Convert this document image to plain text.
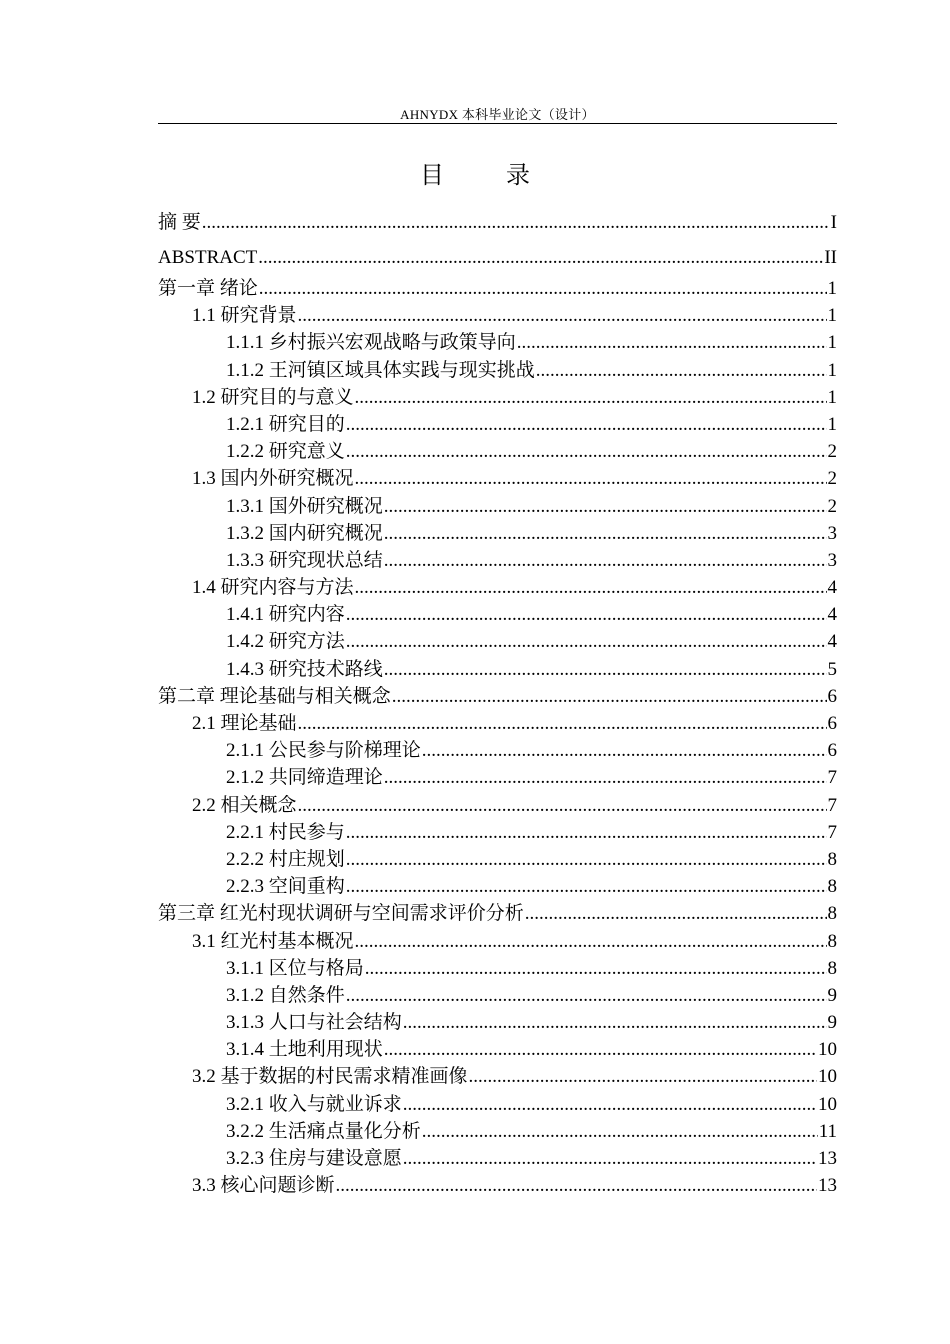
AHNYDX 本科毕业论文（设计）
目 录
摘 要 .....	I
ABSTRACT .....	II
第一章 绪论 .....	1
1.1 研究背景 .....	1
1.1.1 乡村振兴宏观战略与政策导向 .....	1
1.1.2 王河镇区域具体实践与现实挑战 .....	1
1.2 研究目的与意义 .....	1
1.2.1 研究目的 .....	1
1.2.2 研究意义 .....	2
1.3 国内外研究概况 .....	2
1.3.1 国外研究概况 .....	2
1.3.2 国内研究概况 .....	3
1.3.3 研究现状总结 .....	3
1.4 研究内容与方法 .....	4
1.4.1 研究内容 .....	4
1.4.2 研究方法 .....	4
1.4.3 研究技术路线 .....	5
第二章 理论基础与相关概念 .....	6
2.1 理论基础 .....	6
2.1.1 公民参与阶梯理论 .....	6
2.1.2 共同缔造理论 .....	7
2.2 相关概念 .....	7
2.2.1 村民参与 .....	7
2.2.2 村庄规划 .....	8
2.2.3 空间重构 .....	8
第三章 红光村现状调研与空间需求评价分析 .....	8
3.1 红光村基本概况 .....	8
3.1.1 区位与格局 .....	8
3.1.2 自然条件 .....	9
3.1.3 人口与社会结构 .....	9
3.1.4 土地利用现状 .....	10
3.2 基于数据的村民需求精准画像 .....	10
3.2.1 收入与就业诉求 .....	10
3.2.2 生活痛点量化分析 .....	11
3.2.3 住房与建设意愿 .....	13
3.3 核心问题诊断 .....	13
